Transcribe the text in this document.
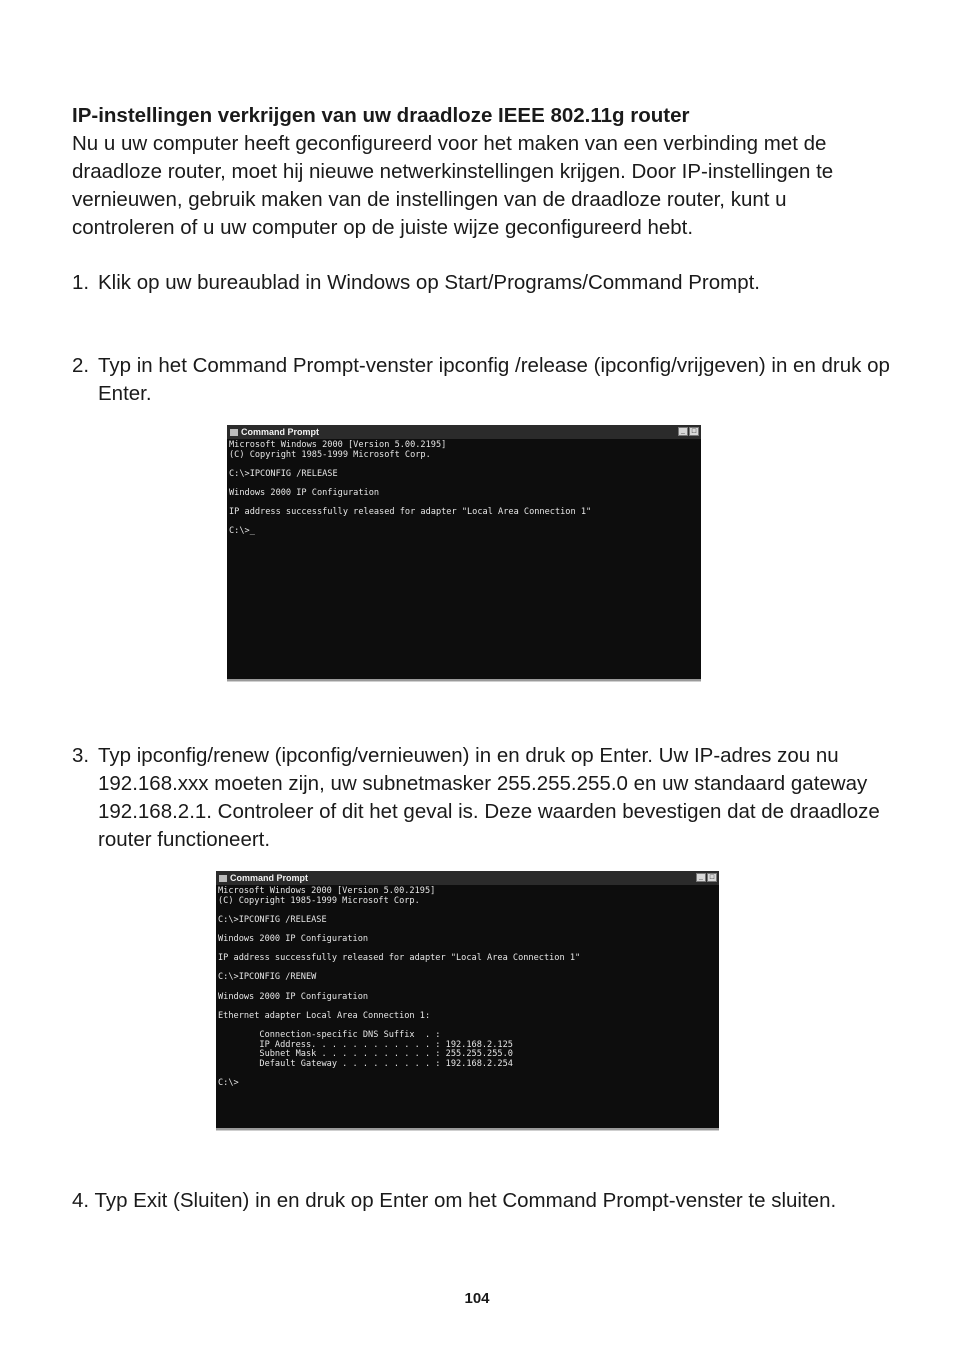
IP-instellingen verkrijgen van uw draadloze IEEE 802.11g router

Nu u uw computer heeft geconfigureerd voor het maken van een verbinding met de draadloze router, moet hij nieuwe netwerkinstellingen krijgen. Door IP-instellingen te vernieuwen, gebruik maken van de instellingen van de draadloze router, kunt u controleren of u uw computer op de juiste wijze geconfigureerd hebt.

1. Klik op uw bureaublad in Windows op Start/Programs/Command Prompt.

2. Typ in het Command Prompt-venster ipconfig /release (ipconfig/vrijgeven) in en druk op Enter.

Command Prompt	_ □
Microsoft Windows 2000 [Version 5.00.2195]
(C) Copyright 1985-1999 Microsoft Corp.

C:\>IPCONFIG /RELEASE

Windows 2000 IP Configuration

IP address successfully released for adapter "Local Area Connection 1"

C:\>_

3. Typ ipconfig/renew (ipconfig/vernieuwen) in en druk op Enter. Uw IP-adres zou nu 192.168.xxx moeten zijn, uw subnetmasker 255.255.255.0 en uw standaard gateway 192.168.2.1. Controleer of dit het geval is. Deze waarden bevestigen dat de draadloze router functioneert.

Command Prompt	_ □
Microsoft Windows 2000 [Version 5.00.2195]
(C) Copyright 1985-1999 Microsoft Corp.

C:\>IPCONFIG /RELEASE

Windows 2000 IP Configuration

IP address successfully released for adapter "Local Area Connection 1"

C:\>IPCONFIG /RENEW

Windows 2000 IP Configuration

Ethernet adapter Local Area Connection 1:

Connection-specific DNS Suffix  . :
IP Address. . . . . . . . . . . . : 192.168.2.125
Subnet Mask . . . . . . . . . . . : 255.255.255.0
Default Gateway . . . . . . . . . : 192.168.2.254

C:\>

4. Typ Exit (Sluiten) in en druk op Enter om het Command Prompt-venster te sluiten.

104
